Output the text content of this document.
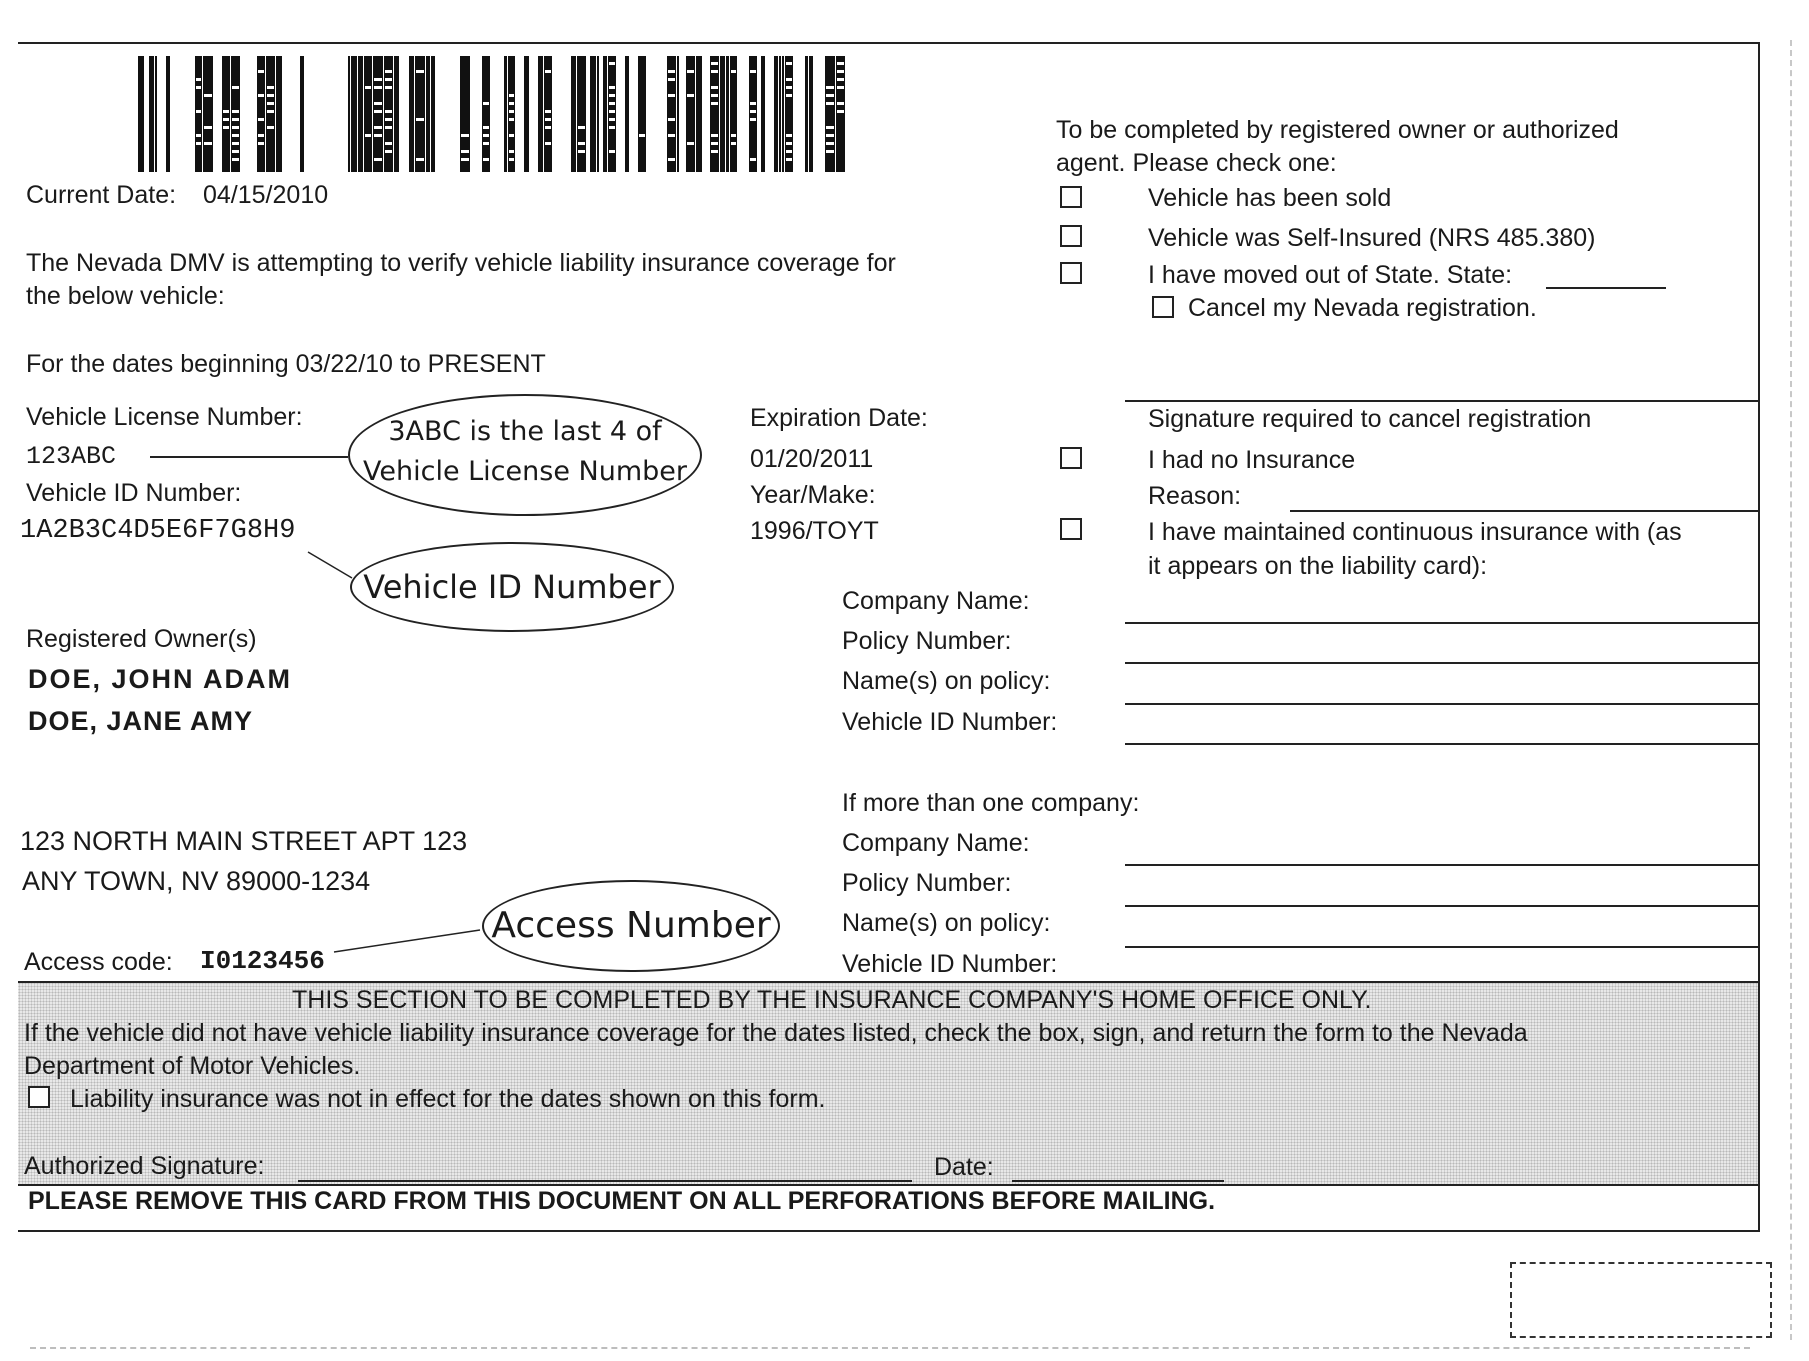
Current Date: 04/15/2010
The Nevada DMV is attempting to verify vehicle liability insurance coverage for
the below vehicle:
For the dates beginning 03/22/10 to PRESENT
Vehicle License Number:
123ABC
Vehicle ID Number:
1A2B3C4D5E6F7G8H9
3ABC is the last 4 of
Vehicle License Number
Vehicle ID Number
Registered Owner(s)
DOE, JOHN ADAM
DOE, JANE AMY
123 NORTH MAIN STREET APT 123
ANY TOWN, NV 89000-1234
Access Number
Access code: I0123456
Expiration Date:
01/20/2011
Year/Make:
1996/TOYT
To be completed by registered owner or authorized
agent. Please check one:
Vehicle has been sold
Vehicle was Self-Insured (NRS 485.380)
I have moved out of State. State:
Cancel my Nevada registration.
Signature required to cancel registration
I had no Insurance
Reason:
I have maintained continuous insurance with (as
it appears on the liability card):
Company Name:
Policy Number:
Name(s) on policy:
Vehicle ID Number:
If more than one company:
Company Name:
Policy Number:
Name(s) on policy:
Vehicle ID Number:
THIS SECTION TO BE COMPLETED BY THE INSURANCE COMPANY'S HOME OFFICE ONLY.
If the vehicle did not have vehicle liability insurance coverage for the dates listed, check the box, sign, and return the form to the Nevada
Department of Motor Vehicles.
Liability insurance was not in effect for the dates shown on this form.
Authorized Signature:	Date:
PLEASE REMOVE THIS CARD FROM THIS DOCUMENT ON ALL PERFORATIONS BEFORE MAILING.
